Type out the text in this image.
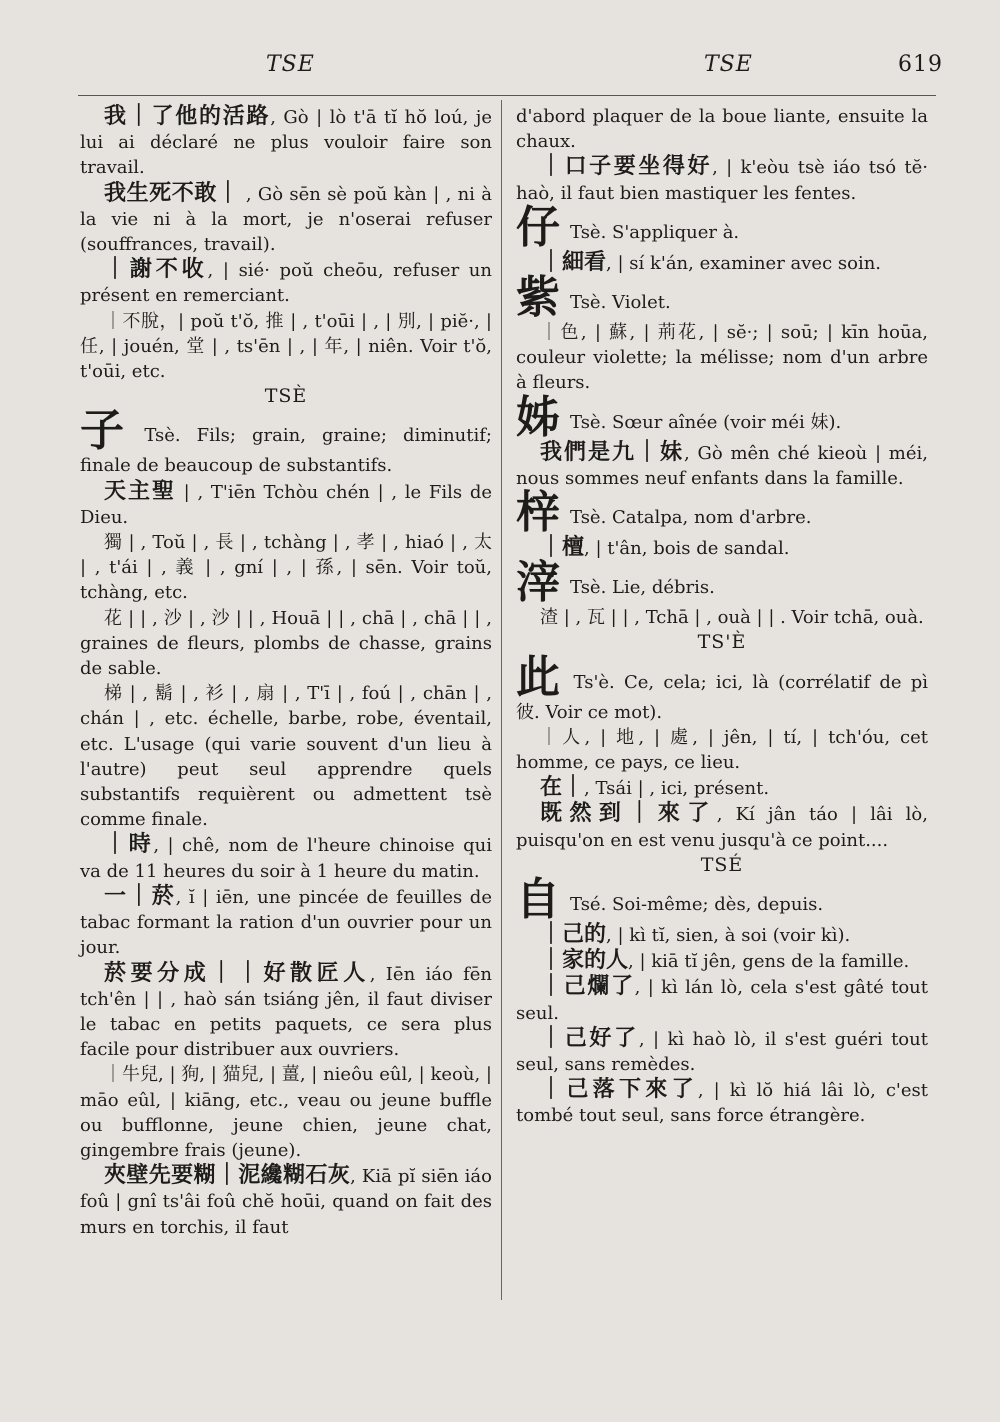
TSE	TSE	619

我｜了他的活路, Gò | lò t'ā tĭ hŏ loú, je lui ai déclaré ne plus vouloir faire son travail.

我生死不敢｜ , Gò sēn sè poŭ kàn | , ni à la vie ni à la mort, je n'oserai refuser (souffrances, travail).

｜謝不收, | sié· poŭ cheōu, refuser un présent en remerciant.

｜不脫，| poŭ t'ŏ, 推 | , t'oūi | , | 別, | piĕ·, | 任, | jouén, 堂 | , ts'ēn | , | 年, | niên. Voir t'ŏ, t'oūi, etc.

TSÈ

子 Tsè. Fils; grain, graine; diminutif; finale de beaucoup de substantifs.

天主聖 | , T'iēn Tchòu chén | , le Fils de Dieu.

獨 | , Toŭ | , 長 | , tchàng | , 孝 | , hiaó | , 太 | , t'ái | , 義 | , gní | , | 孫, | sēn. Voir toŭ, tchàng, etc.

花 | | , 沙 | , 沙 | | , Houā | | , chā | , chā | | , graines de fleurs, plombs de chasse, grains de sable.

梯 | , 鬍 | , 衫 | , 扇 | , T'ī | , foú | , chān | , chán | , etc. échelle, barbe, robe, éventail, etc. L'usage (qui varie souvent d'un lieu à l'autre) peut seul apprendre quels substantifs requièrent ou admettent tsè comme finale.

｜時, | chê, nom de l'heure chinoise qui va de 11 heures du soir à 1 heure du matin.

一｜菸, ĭ | iēn, une pincée de feuilles de tabac formant la ration d'un ouvrier pour un jour.

菸要分成｜｜好散匠人, Iēn iáo fēn tch'ên | | , haò sán tsiáng jên, il faut diviser le tabac en petits paquets, ce sera plus facile pour distribuer aux ouvriers.

｜牛兒, | 狗, | 猫兒, | 薑, | nieôu eûl, | keoù, | māo eûl, | kiāng, etc., veau ou jeune buffle ou bufflonne, jeune chien, jeune chat, gingembre frais (jeune).

夾壁先要糊｜泥纔糊石灰, Kiā pĭ siēn iáo foû | gnî ts'âi foû chĕ hoūi, quand on fait des murs en torchis, il faut

d'abord plaquer de la boue liante, ensuite la chaux.

｜口子要坐得好, | k'eòu tsè iáo tsó tĕ· haò, il faut bien mastiquer les fentes.

仔 Tsè. S'appliquer à.

｜細看, | sí k'án, examiner avec soin.

紫 Tsè. Violet.

｜色, | 蘇, | 荊花, | sĕ·; | soū; | kīn hoūa, couleur violette; la mélisse; nom d'un arbre à fleurs.

姊 Tsè. Sœur aînée (voir méi 妹).

我們是九｜妹, Gò mên ché kieoù | méi, nous sommes neuf enfants dans la famille.

梓 Tsè. Catalpa, nom d'arbre.

｜檀, | t'ân, bois de sandal.

滓 Tsè. Lie, débris.

渣 | , 瓦 | | , Tchā | , ouà | | . Voir tchā, ouà.

TS'È

此 Ts'è. Ce, cela; ici, là (corrélatif de pì 彼. Voir ce mot).

｜人, | 地, | 處, | jên, | tí, | tch'óu, cet homme, ce pays, ce lieu.

在｜, Tsái | , ici, présent.

既然到｜來了, Kí jân táo | lâi lò, puisqu'on en est venu jusqu'à ce point....

TSÉ

自 Tsé. Soi-même; dès, depuis.

｜己的, | kì tĭ, sien, à soi (voir kì).

｜家的人, | kiā tĭ jên, gens de la famille.

｜己爛了, | kì lán lò, cela s'est gâté tout seul.

｜己好了, | kì haò lò, il s'est guéri tout seul, sans remèdes.

｜己落下來了, | kì lŏ hiá lâi lò, c'est tombé tout seul, sans force étrangère.
